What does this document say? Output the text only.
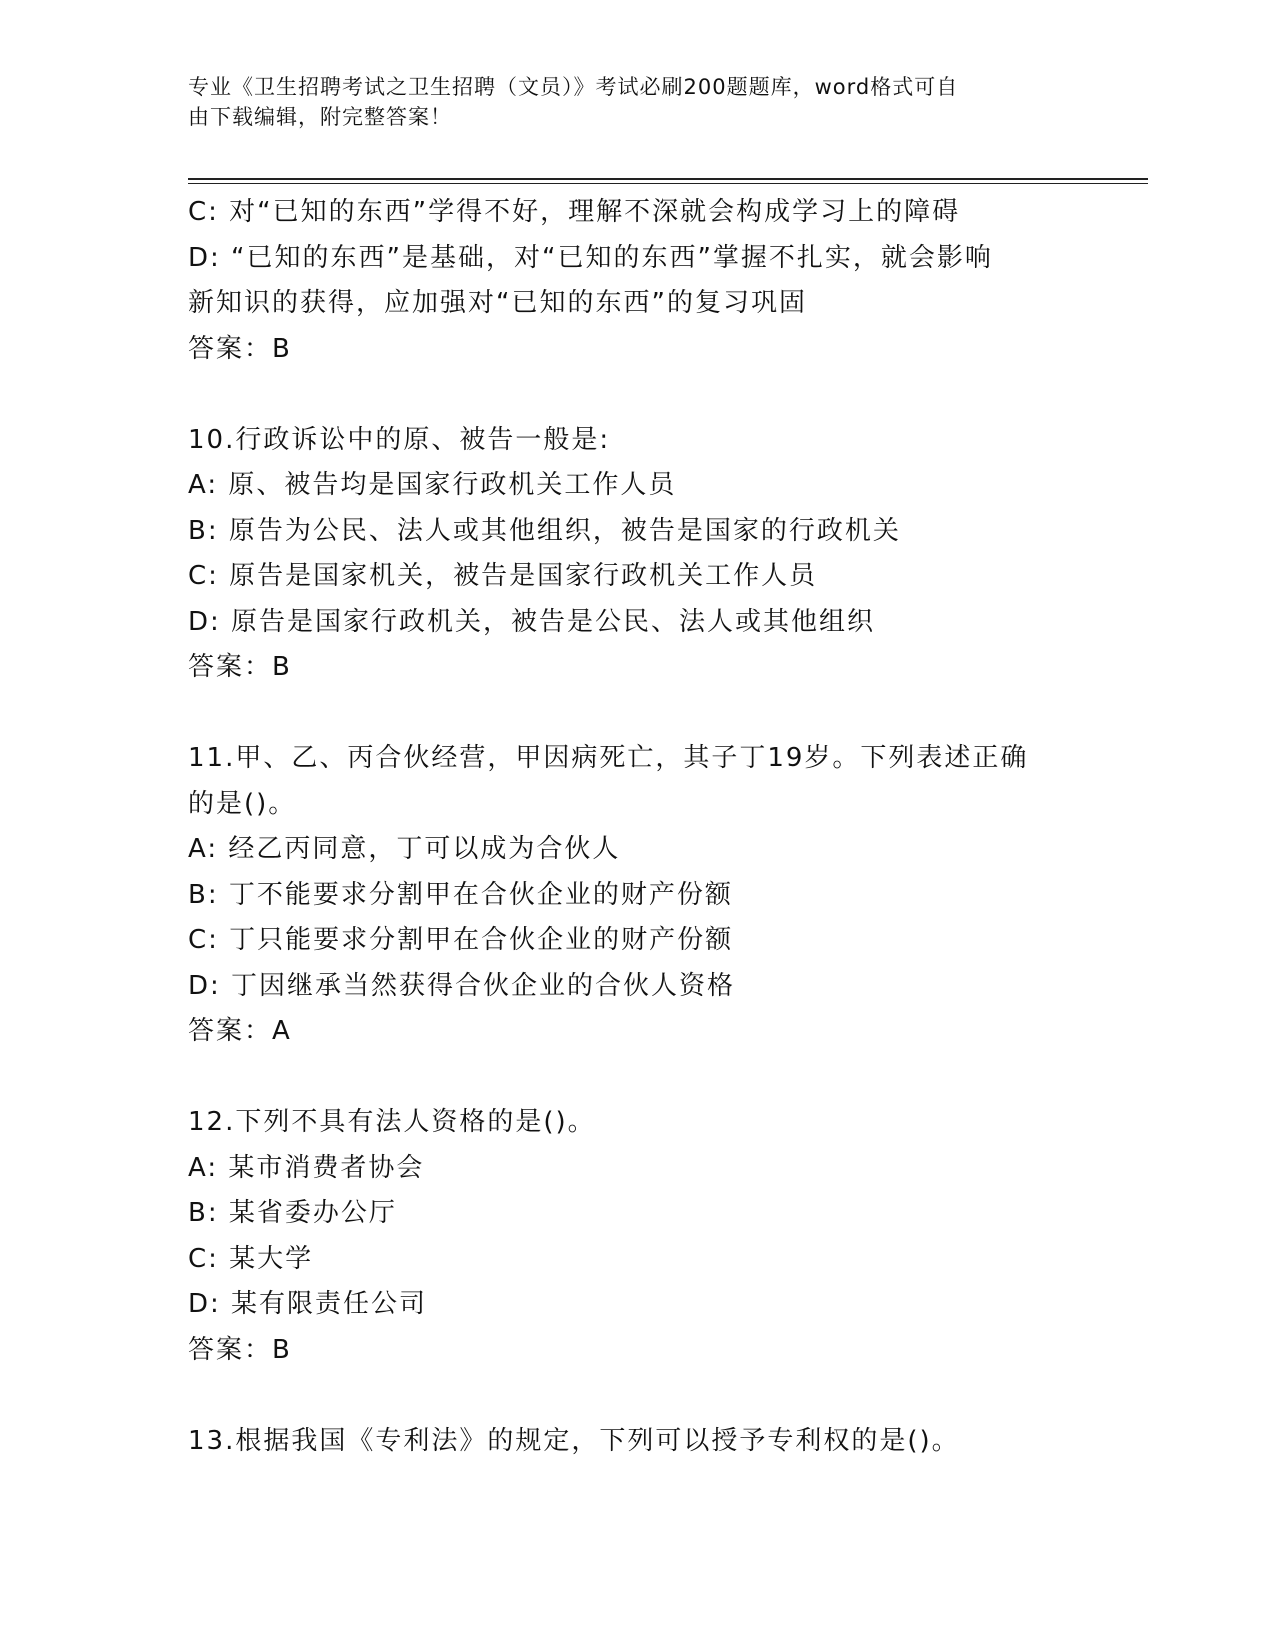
专业《卫生招聘考试之卫生招聘（文员）》考试必刷200题题库，word格式可自
由下载编辑，附完整答案！
C: 对“已知的东西”学得不好，理解不深就会构成学习上的障碍
D: “已知的东西”是基础，对“已知的东西”掌握不扎实，就会影响
新知识的获得，应加强对“已知的东西”的复习巩固
答案：B
10.行政诉讼中的原、被告一般是:
A: 原、被告均是国家行政机关工作人员
B: 原告为公民、法人或其他组织，被告是国家的行政机关
C: 原告是国家机关，被告是国家行政机关工作人员
D: 原告是国家行政机关，被告是公民、法人或其他组织
答案：B
11.甲、乙、丙合伙经营，甲因病死亡，其子丁19岁。下列表述正确
的是()。
A: 经乙丙同意，丁可以成为合伙人
B: 丁不能要求分割甲在合伙企业的财产份额
C: 丁只能要求分割甲在合伙企业的财产份额
D: 丁因继承当然获得合伙企业的合伙人资格
答案：A
12.下列不具有法人资格的是()。
A: 某市消费者协会
B: 某省委办公厅
C: 某大学
D: 某有限责任公司
答案：B
13.根据我国《专利法》的规定，下列可以授予专利权的是()。
